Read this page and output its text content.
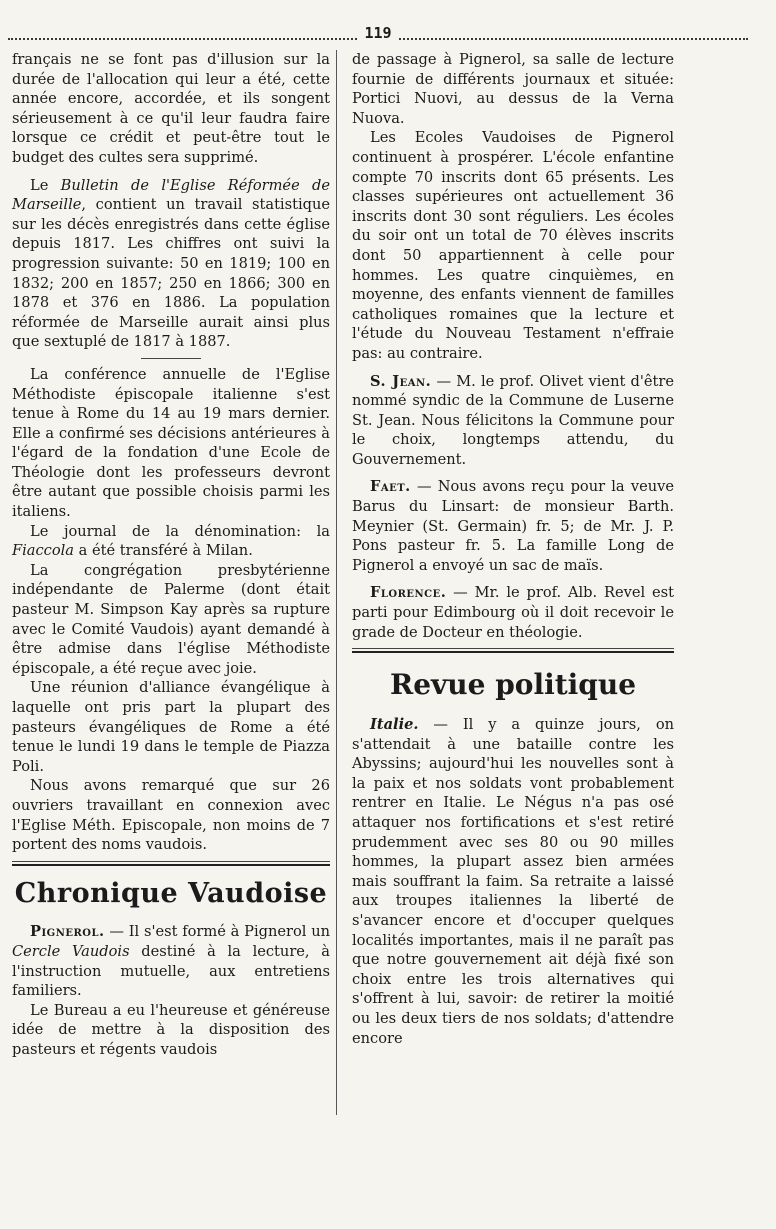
119

français ne se font pas d'illusion sur la durée de l'allocation qui leur a été, cette année encore, accordée, et ils songent sérieusement à ce qu'il leur faudra faire lorsque ce crédit et peut-être tout le budget des cultes sera supprimé.

Le Bulletin de l'Eglise Réformée de Marseille, contient un travail statistique sur les décès enregistrés dans cette église depuis 1817. Les chiffres ont suivi la progression suivante: 50 en 1819; 100 en 1832; 200 en 1857; 250 en 1866; 300 en 1878 et 376 en 1886. La population réformée de Marseille aurait ainsi plus que sextuplé de 1817 à 1887.

La conférence annuelle de l'Eglise Méthodiste épiscopale italienne s'est tenue à Rome du 14 au 19 mars dernier. Elle a confirmé ses décisions antérieures à l'égard de la fondation d'une Ecole de Théologie dont les professeurs devront être autant que possible choisis parmi les italiens.

Le journal de la dénomination: la Fiaccola a été transféré à Milan.

La congrégation presbytérienne indépendante de Palerme (dont était pasteur M. Simpson Kay après sa rupture avec le Comité Vaudois) ayant demandé à être admise dans l'église Méthodiste épiscopale, a été reçue avec joie.

Une réunion d'alliance évangélique à laquelle ont pris part la plupart des pasteurs évangéliques de Rome a été tenue le lundi 19 dans le temple de Piazza Poli.

Nous avons remarqué que sur 26 ouvriers travaillant en connexion avec l'Eglise Méth. Episcopale, non moins de 7 portent des noms vaudois.

Chronique Vaudoise

Pignerol. — Il s'est formé à Pignerol un Cercle Vaudois destiné à la lecture, à l'instruction mutuelle, aux entretiens familiers.

Le Bureau a eu l'heureuse et généreuse idée de mettre à la disposition des pasteurs et régents vaudois

de passage à Pignerol, sa salle de lecture fournie de différents journaux et située: Portici Nuovi, au dessus de la Verna Nuova.

Les Ecoles Vaudoises de Pignerol continuent à prospérer. L'école enfantine compte 70 inscrits dont 65 présents. Les classes supérieures ont actuellement 36 inscrits dont 30 sont réguliers. Les écoles du soir ont un total de 70 élèves inscrits dont 50 appartiennent à celle pour hommes. Les quatre cinquièmes, en moyenne, des enfants viennent de familles catholiques romaines que la lecture et l'étude du Nouveau Testament n'effraie pas: au contraire.

S. Jean. — M. le prof. Olivet vient d'être nommé syndic de la Commune de Luserne St. Jean. Nous félicitons la Commune pour le choix, longtemps attendu, du Gouvernement.

Faet. — Nous avons reçu pour la veuve Barus du Linsart: de monsieur Barth. Meynier (St. Germain) fr. 5; de Mr. J. P. Pons pasteur fr. 5. La famille Long de Pignerol a envoyé un sac de maïs.

Florence. — Mr. le prof. Alb. Revel est parti pour Edimbourg où il doit recevoir le grade de Docteur en théologie.

Revue politique

Italie. — Il y a quinze jours, on s'attendait à une bataille contre les Abyssins; aujourd'hui les nouvelles sont à la paix et nos soldats vont probablement rentrer en Italie. Le Négus n'a pas osé attaquer nos fortifications et s'est retiré prudemment avec ses 80 ou 90 milles hommes, la plupart assez bien armées mais souffrant la faim. Sa retraite a laissé aux troupes italiennes la liberté de s'avancer encore et d'occuper quelques localités importantes, mais il ne paraît pas que notre gouvernement ait déjà fixé son choix entre les trois alternatives qui s'offrent à lui, savoir: de retirer la moitié ou les deux tiers de nos soldats; d'attendre encore
